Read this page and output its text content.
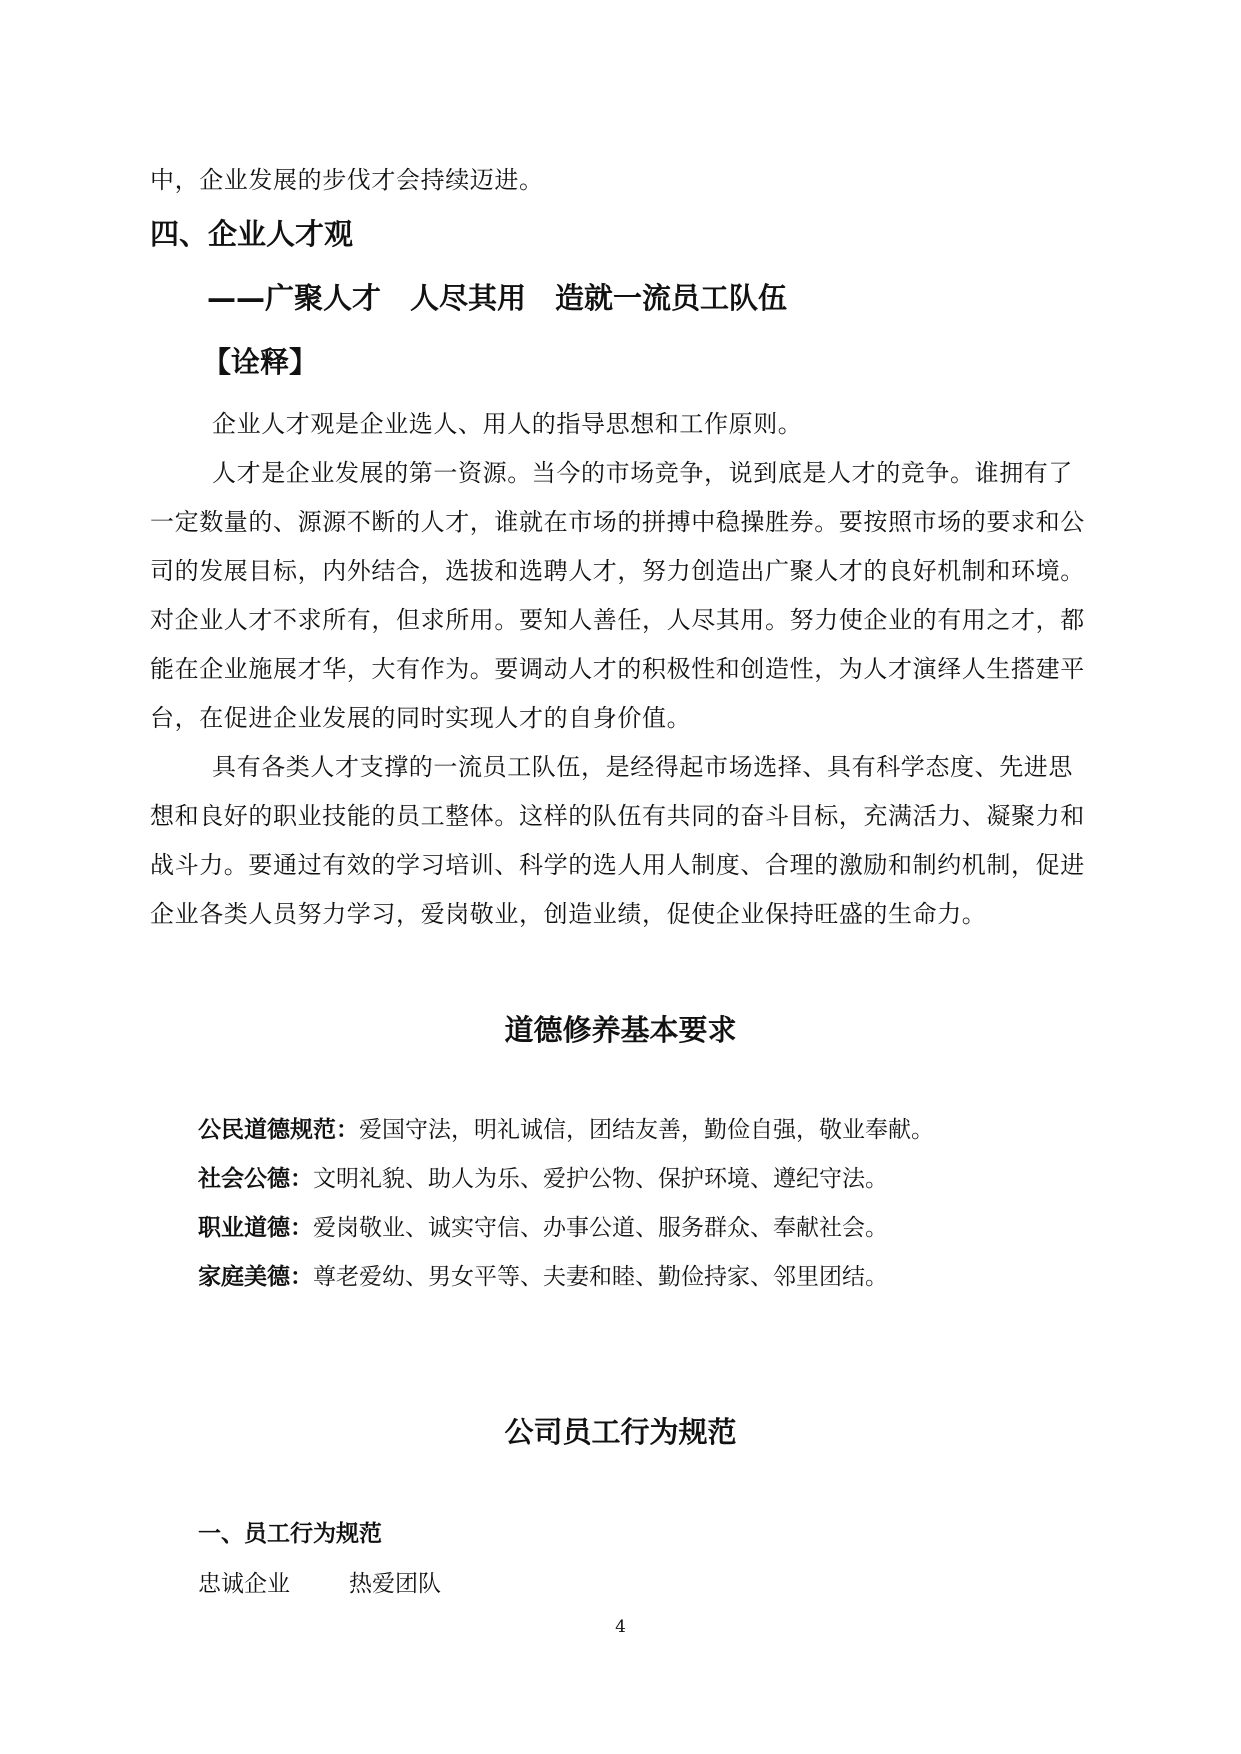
中，企业发展的步伐才会持续迈进。
四、企业人才观
——广聚人才　人尽其用　造就一流员工队伍
【诠释】
企业人才观是企业选人、用人的指导思想和工作原则。
人才是企业发展的第一资源。当今的市场竞争，说到底是人才的竞争。谁拥有了
一定数量的、源源不断的人才，谁就在市场的拼搏中稳操胜券。要按照市场的要求和公
司的发展目标，内外结合，选拔和选聘人才，努力创造出广聚人才的良好机制和环境。
对企业人才不求所有，但求所用。要知人善任，人尽其用。努力使企业的有用之才，都
能在企业施展才华，大有作为。要调动人才的积极性和创造性，为人才演绎人生搭建平
台，在促进企业发展的同时实现人才的自身价值。
具有各类人才支撑的一流员工队伍，是经得起市场选择、具有科学态度、先进思
想和良好的职业技能的员工整体。这样的队伍有共同的奋斗目标，充满活力、凝聚力和
战斗力。要通过有效的学习培训、科学的选人用人制度、合理的激励和制约机制，促进
企业各类人员努力学习，爱岗敬业，创造业绩，促使企业保持旺盛的生命力。
道德修养基本要求
公民道德规范：爱国守法，明礼诚信，团结友善，勤俭自强，敬业奉献。
社会公德：文明礼貌、助人为乐、爱护公物、保护环境、遵纪守法。
职业道德：爱岗敬业、诚实守信、办事公道、服务群众、奉献社会。
家庭美德：尊老爱幼、男女平等、夫妻和睦、勤俭持家、邻里团结。
公司员工行为规范
一、员工行为规范
忠诚企业	热爱团队
4
